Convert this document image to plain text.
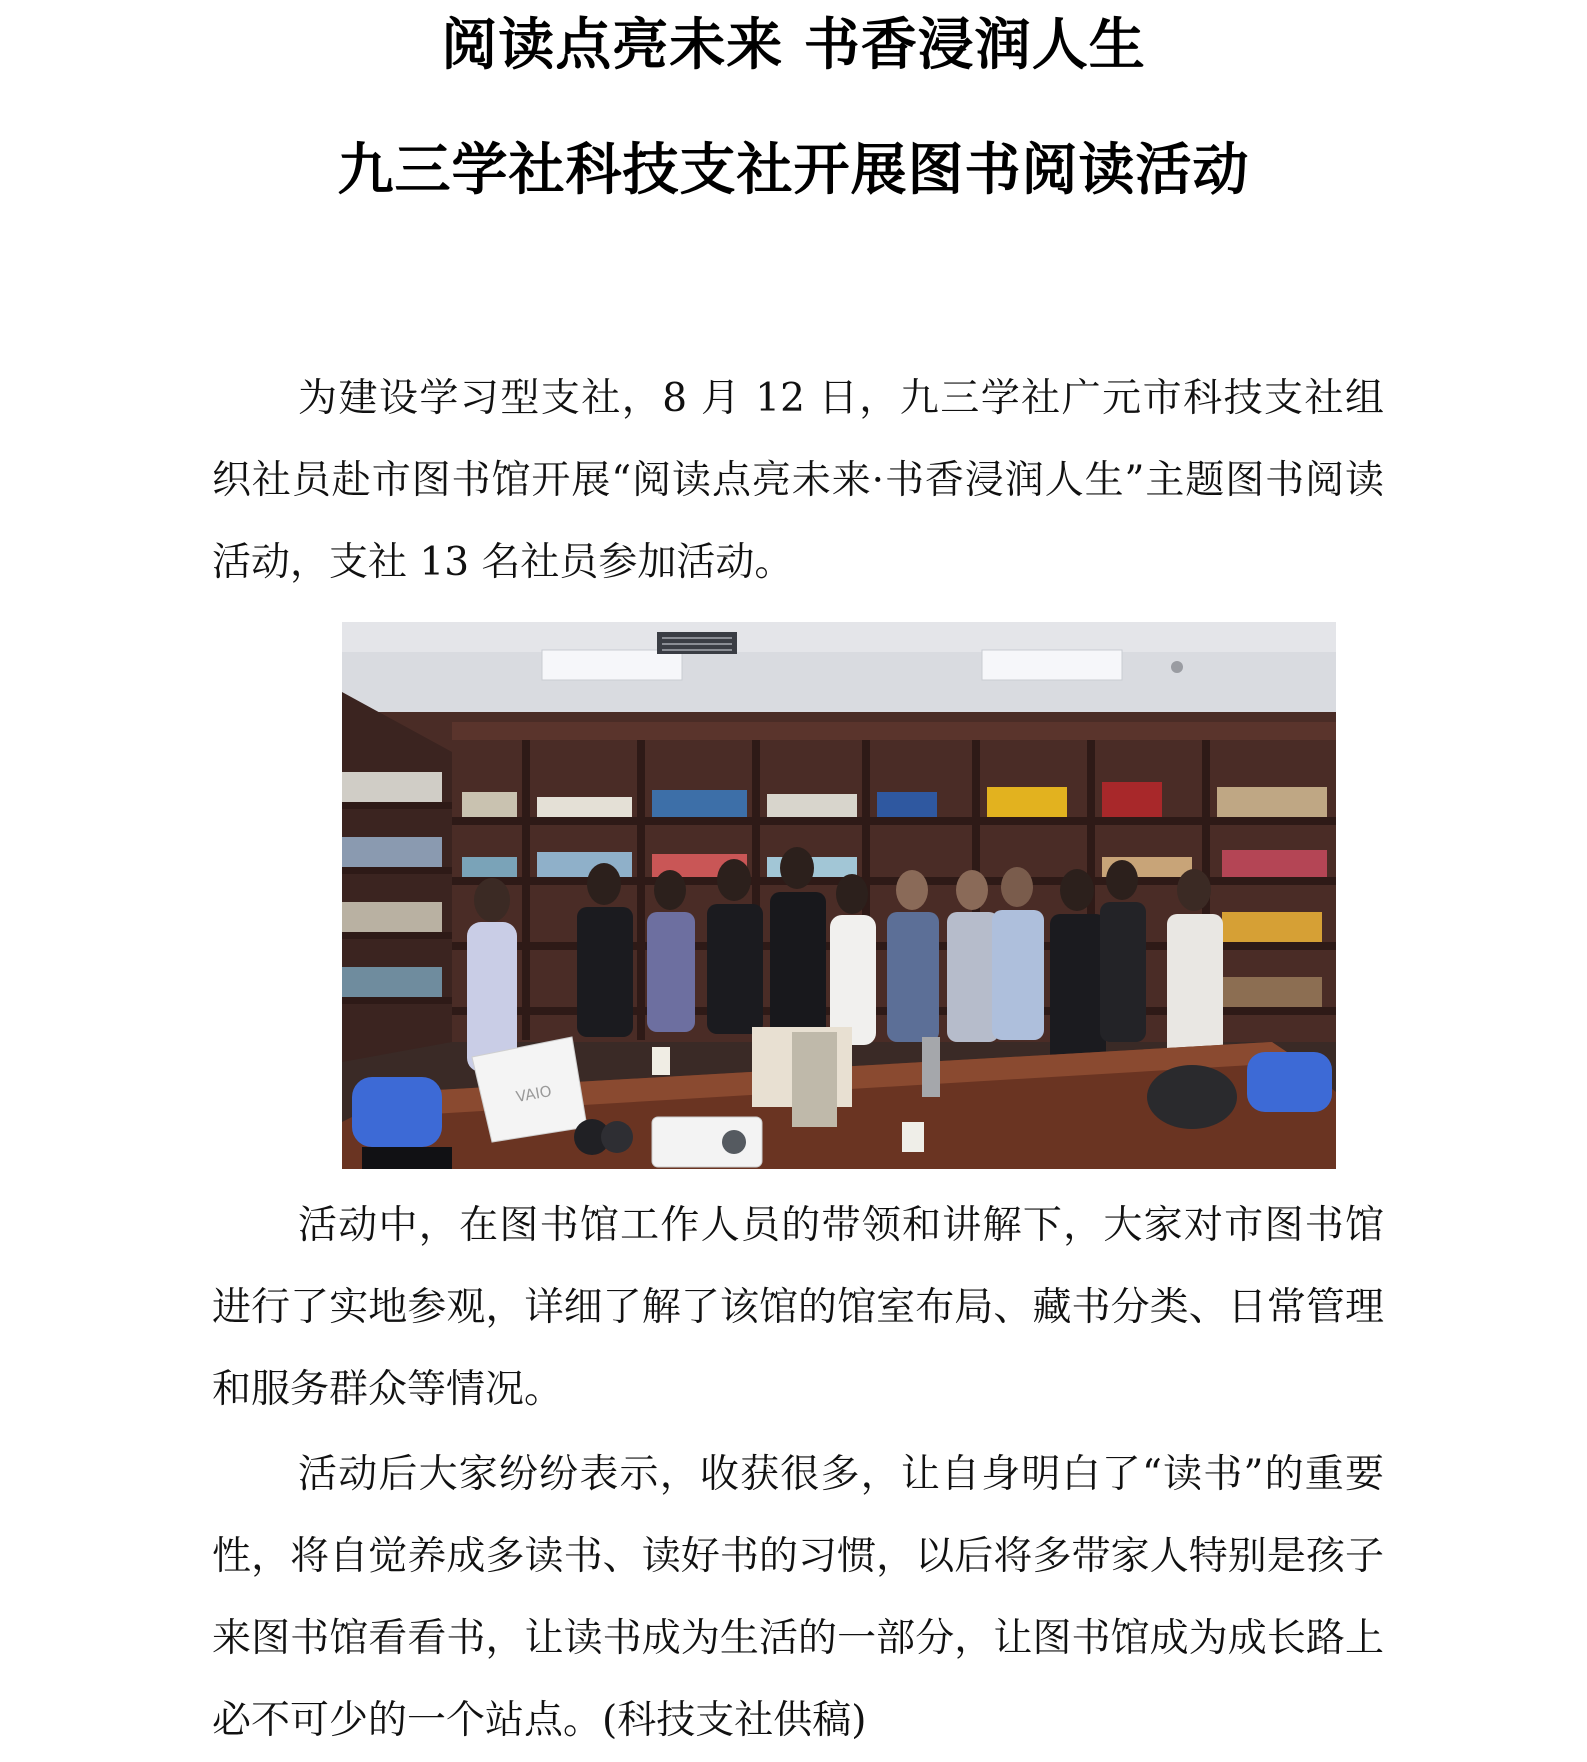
阅读点亮未来 书香浸润人生
九三学社科技支社开展图书阅读活动

为建设学习型支社，8 月 12 日，九三学社广元市科技支社组织社员赴市图书馆开展“阅读点亮未来·书香浸润人生”主题图书阅读活动，支社 13 名社员参加活动。

VAIO

活动中，在图书馆工作人员的带领和讲解下，大家对市图书馆进行了实地参观，详细了解了该馆的馆室布局、藏书分类、日常管理和服务群众等情况。

活动后大家纷纷表示，收获很多，让自身明白了“读书”的重要性，将自觉养成多读书、读好书的习惯，以后将多带家人特别是孩子来图书馆看看书，让读书成为生活的一部分，让图书馆成为成长路上必不可少的一个站点。(科技支社供稿)
